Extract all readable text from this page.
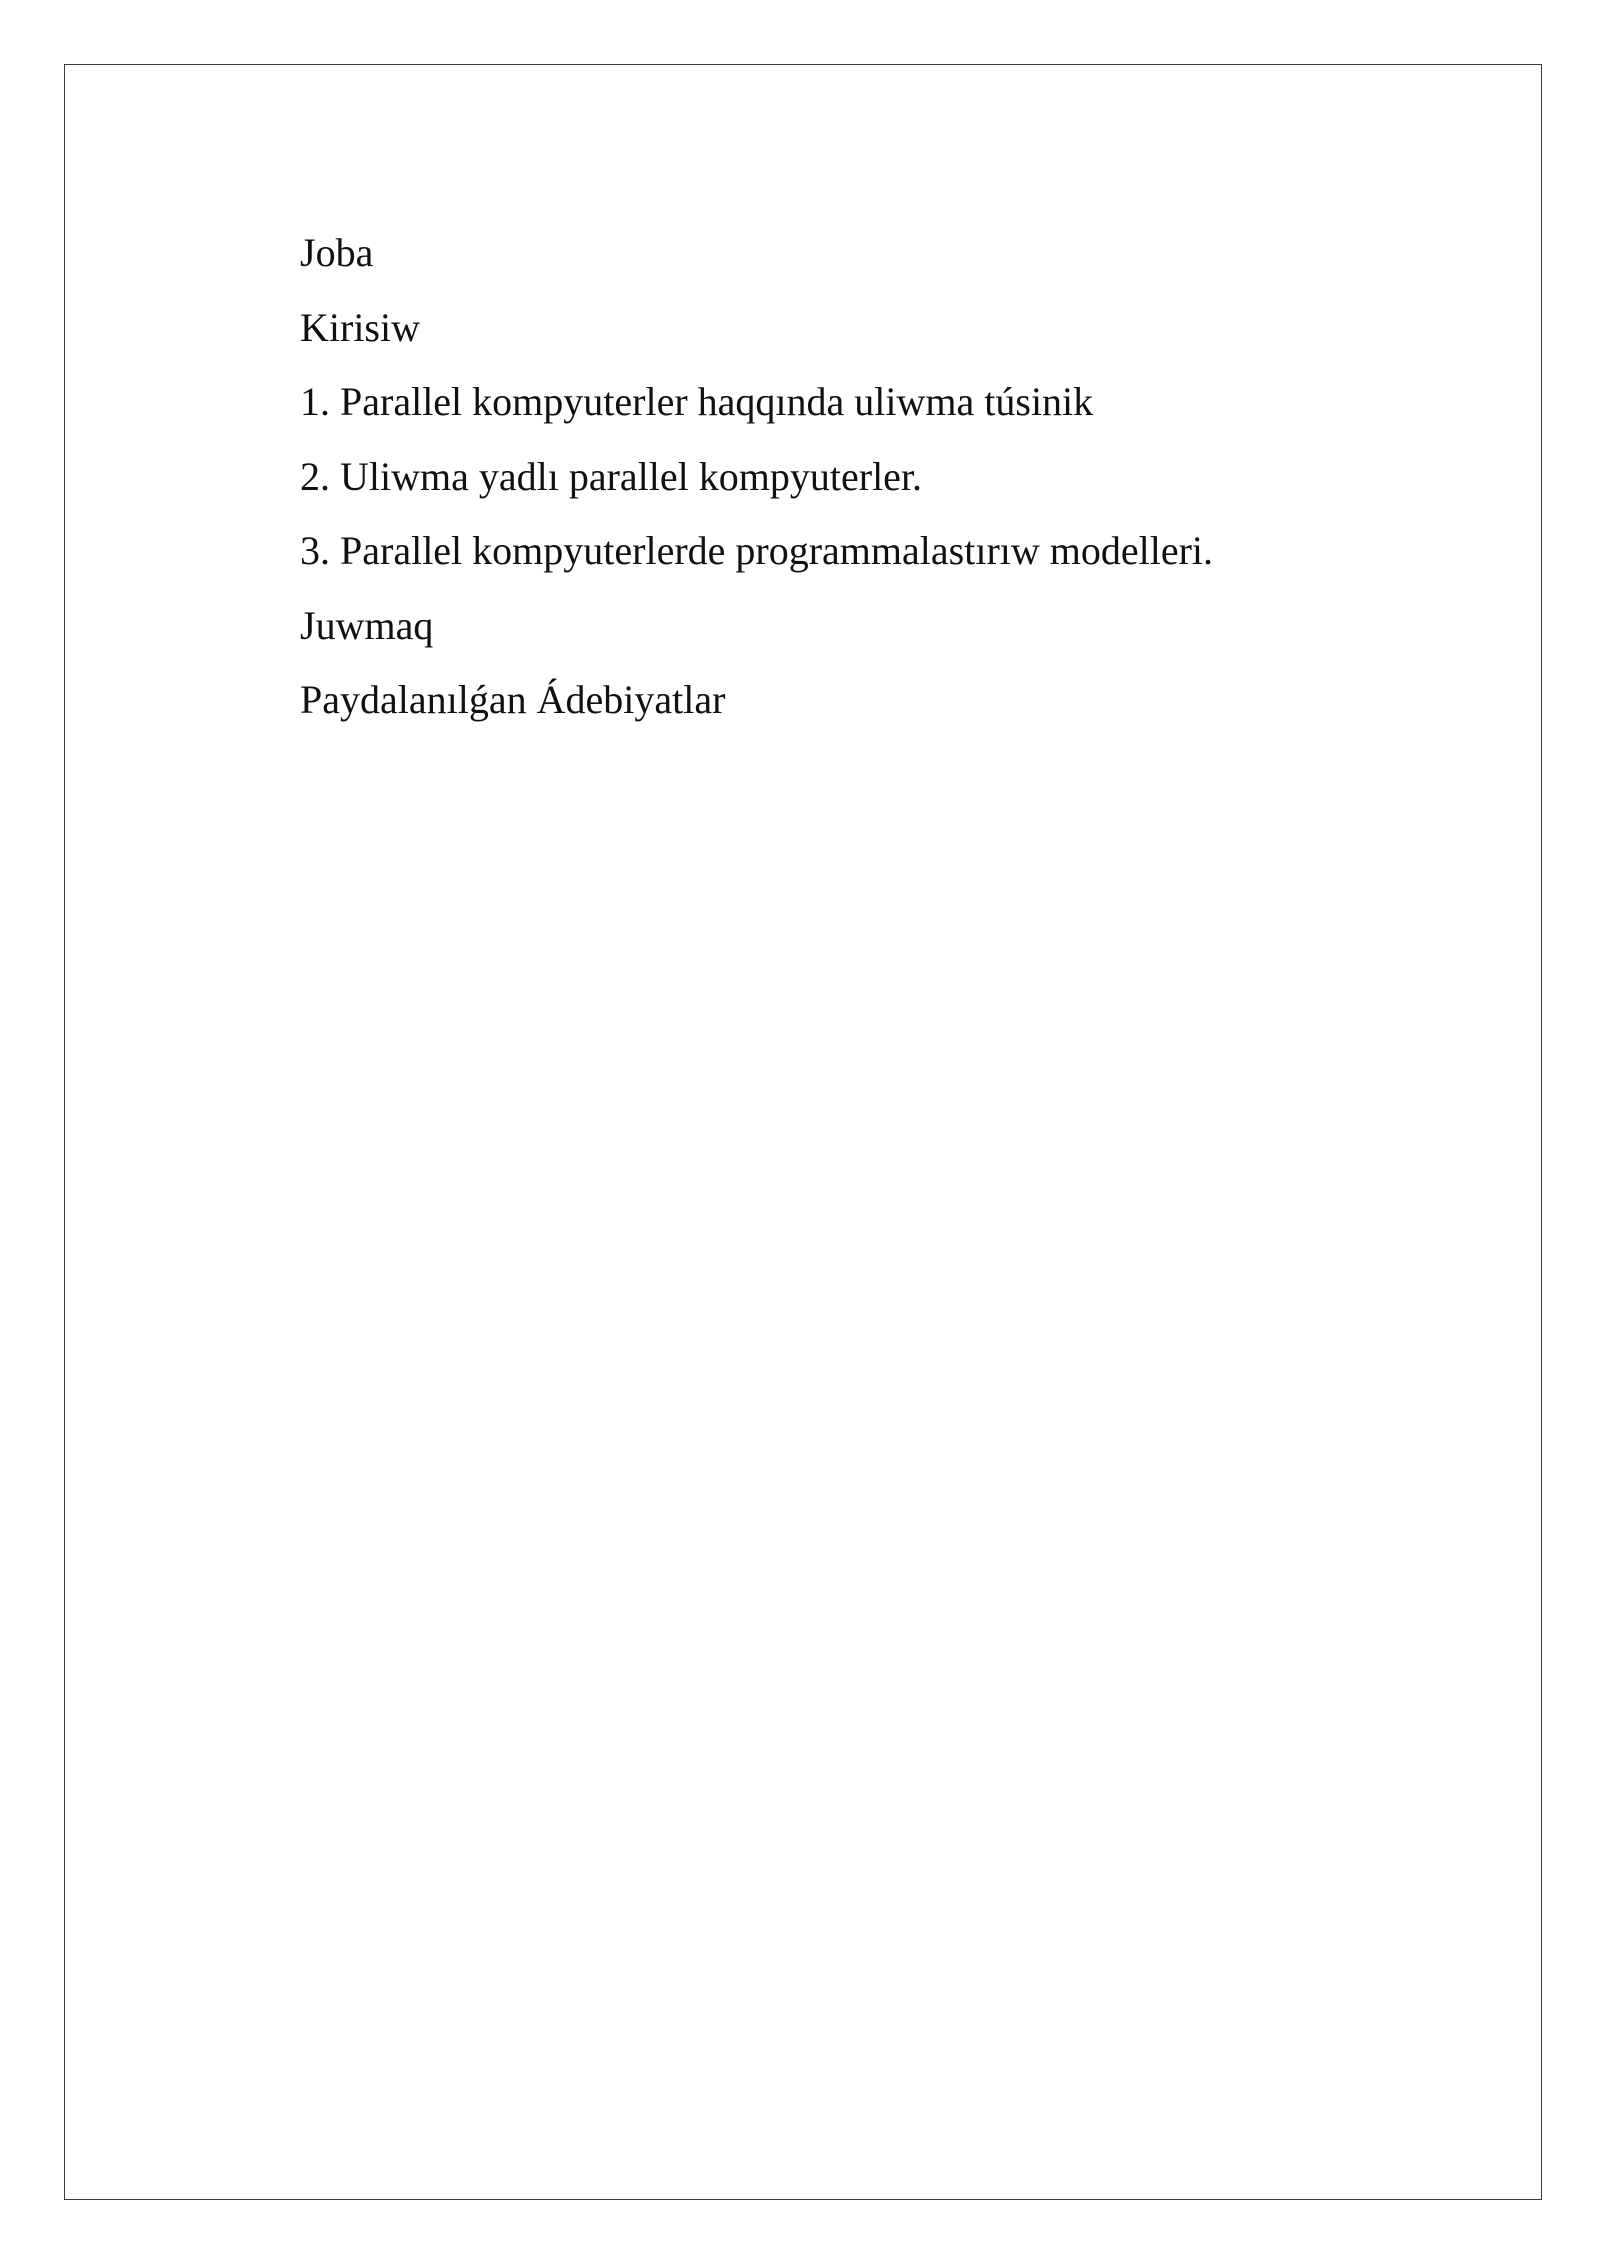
Joba
Kirisiw
1. Parallel kompyuterler haqqında uliwma túsinik
2. Uliwma yadlı parallel kompyuterler.
3. Parallel kompyuterlerde programmalastırıw modelleri.
Juwmaq
Paydalanılǵan Ádebiyatlar
